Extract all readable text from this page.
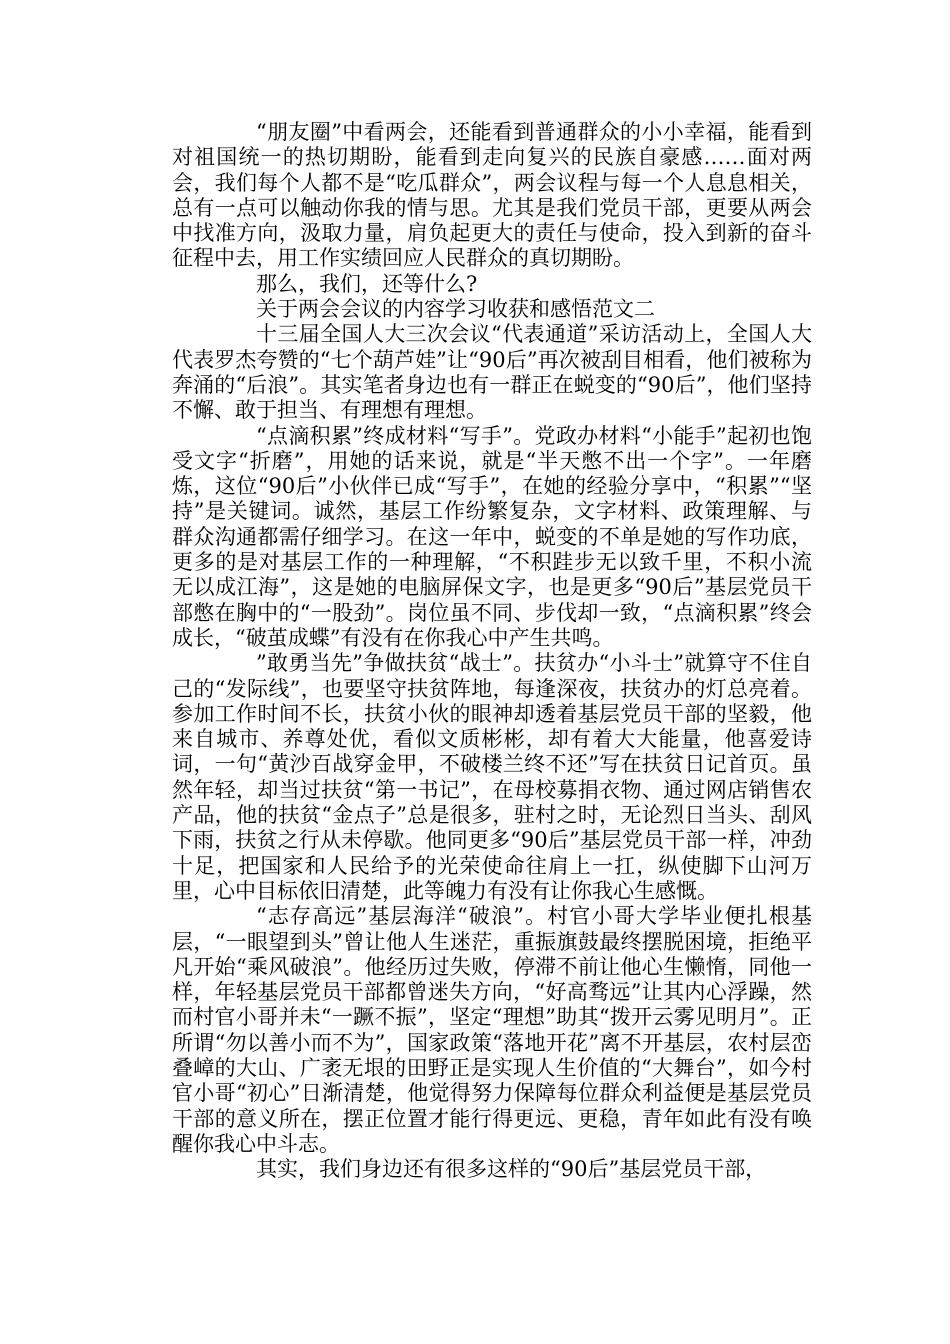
“朋友圈”中看两会，还能看到普通群众的小小幸福，能看到对祖国统一的热切期盼，能看到走向复兴的民族自豪感……面对两会，我们每个人都不是“吃瓜群众”，两会议程与每一个人息息相关，总有一点可以触动你我的情与思。尤其是我们党员干部，更要从两会中找准方向，汲取力量，肩负起更大的责任与使命，投入到新的奋斗征程中去，用工作实绩回应人民群众的真切期盼。

那么，我们，还等什么?

关于两会会议的内容学习收获和感悟范文二

十三届全国人大三次会议“代表通道”采访活动上，全国人大代表罗杰夸赞的“七个葫芦娃”让“90后”再次被刮目相看，他们被称为奔涌的“后浪”。其实笔者身边也有一群正在蜕变的“90后”，他们坚持不懈、敢于担当、有理想有理想。

“点滴积累”终成材料“写手”。党政办材料“小能手”起初也饱受文字“折磨”，用她的话来说，就是“半天憋不出一个字”。一年磨炼，这位“90后”小伙伴已成“写手”，在她的经验分享中，“积累”“坚持”是关键词。诚然，基层工作纷繁复杂，文字材料、政策理解、与群众沟通都需仔细学习。在这一年中，蜕变的不单是她的写作功底，更多的是对基层工作的一种理解，“不积跬步无以致千里，不积小流无以成江海”，这是她的电脑屏保文字，也是更多“90后”基层党员干部憋在胸中的“一股劲”。岗位虽不同、步伐却一致，“点滴积累”终会成长，“破茧成蝶”有没有在你我心中产生共鸣。

”敢勇当先”争做扶贫“战士”。扶贫办“小斗士”就算守不住自己的“发际线”，也要坚守扶贫阵地，每逢深夜，扶贫办的灯总亮着。参加工作时间不长，扶贫小伙的眼神却透着基层党员干部的坚毅，他来自城市、养尊处优，看似文质彬彬，却有着大大能量，他喜爱诗词，一句“黄沙百战穿金甲，不破楼兰终不还”写在扶贫日记首页。虽然年轻，却当过扶贫“第一书记”，在母校募捐衣物、通过网店销售农产品，他的扶贫“金点子”总是很多，驻村之时，无论烈日当头、刮风下雨，扶贫之行从未停歇。他同更多“90后”基层党员干部一样，冲劲十足，把国家和人民给予的光荣使命往肩上一扛，纵使脚下山河万里，心中目标依旧清楚，此等魄力有没有让你我心生感慨。

“志存高远”基层海洋“破浪”。村官小哥大学毕业便扎根基层，“一眼望到头”曾让他人生迷茫，重振旗鼓最终摆脱困境，拒绝平凡开始“乘风破浪”。他经历过失败，停滞不前让他心生懒惰，同他一样，年轻基层党员干部都曾迷失方向，“好高骛远”让其内心浮躁，然而村官小哥并未“一蹶不振”，坚定“理想”助其“拨开云雾见明月”。正所谓“勿以善小而不为”，国家政策“落地开花”离不开基层，农村层峦叠嶂的大山、广袤无垠的田野正是实现人生价值的“大舞台”，如今村官小哥“初心”日渐清楚，他觉得努力保障每位群众利益便是基层党员干部的意义所在，摆正位置才能行得更远、更稳，青年如此有没有唤醒你我心中斗志。

其实，我们身边还有很多这样的“90后”基层党员干部，
